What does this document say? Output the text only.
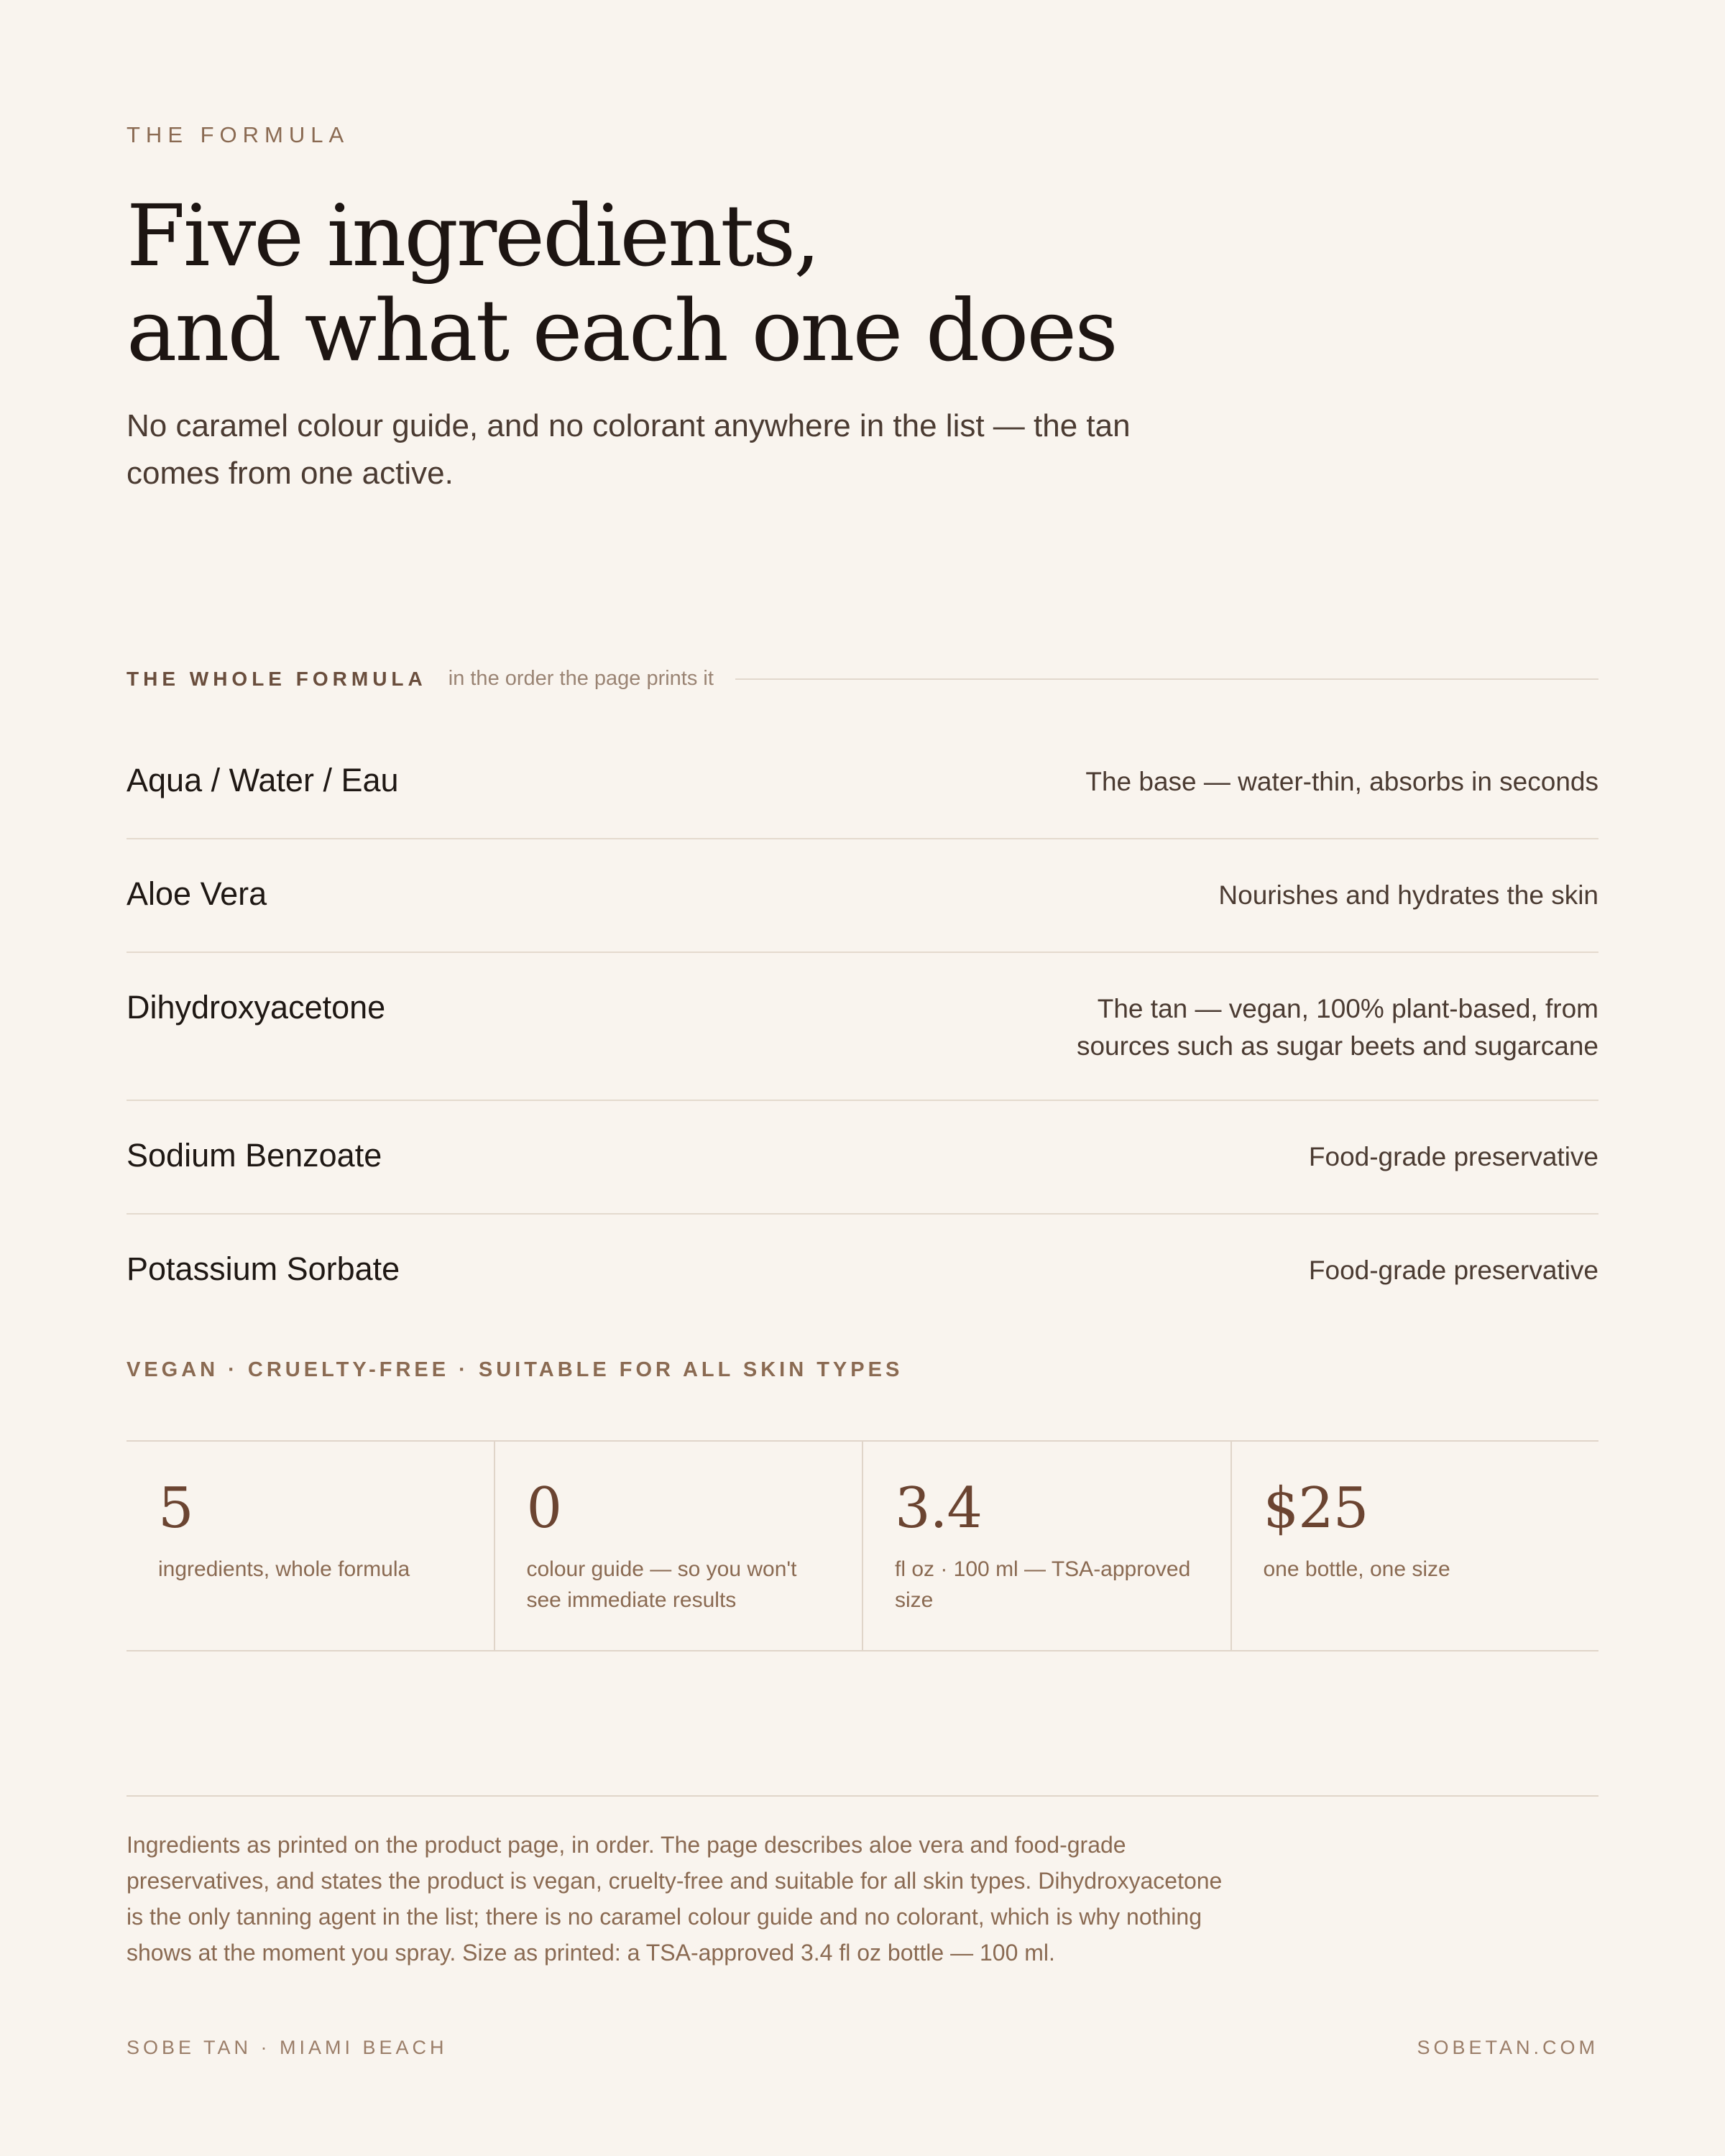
THE FORMULA
Five ingredients,
and what each one does

No caramel colour guide, and no colorant anywhere in the list — the tan comes from one active.

THE WHOLE FORMULA in the order the page prints it
Aqua / Water / Eau	The base — water-thin, absorbs in seconds
Aloe Vera	Nourishes and hydrates the skin
Dihydroxyacetone	The tan — vegan, 100% plant-based, from sources such as sugar beets and sugarcane
Sodium Benzoate	Food-grade preservative
Potassium Sorbate	Food-grade preservative
VEGAN · CRUELTY-FREE · SUITABLE FOR ALL SKIN TYPES
5
ingredients, whole formula
0
colour guide — so you won't see immediate results
3.4
fl oz · 100 ml — TSA-approved size
$25
one bottle, one size

Ingredients as printed on the product page, in order. The page describes aloe vera and food-grade preservatives, and states the product is vegan, cruelty-free and suitable for all skin types. Dihydroxyacetone is the only tanning agent in the list; there is no caramel colour guide and no colorant, which is why nothing shows at the moment you spray. Size as printed: a TSA-approved 3.4 fl oz bottle — 100 ml.

SOBE TAN · MIAMI BEACH	SOBETAN.COM
